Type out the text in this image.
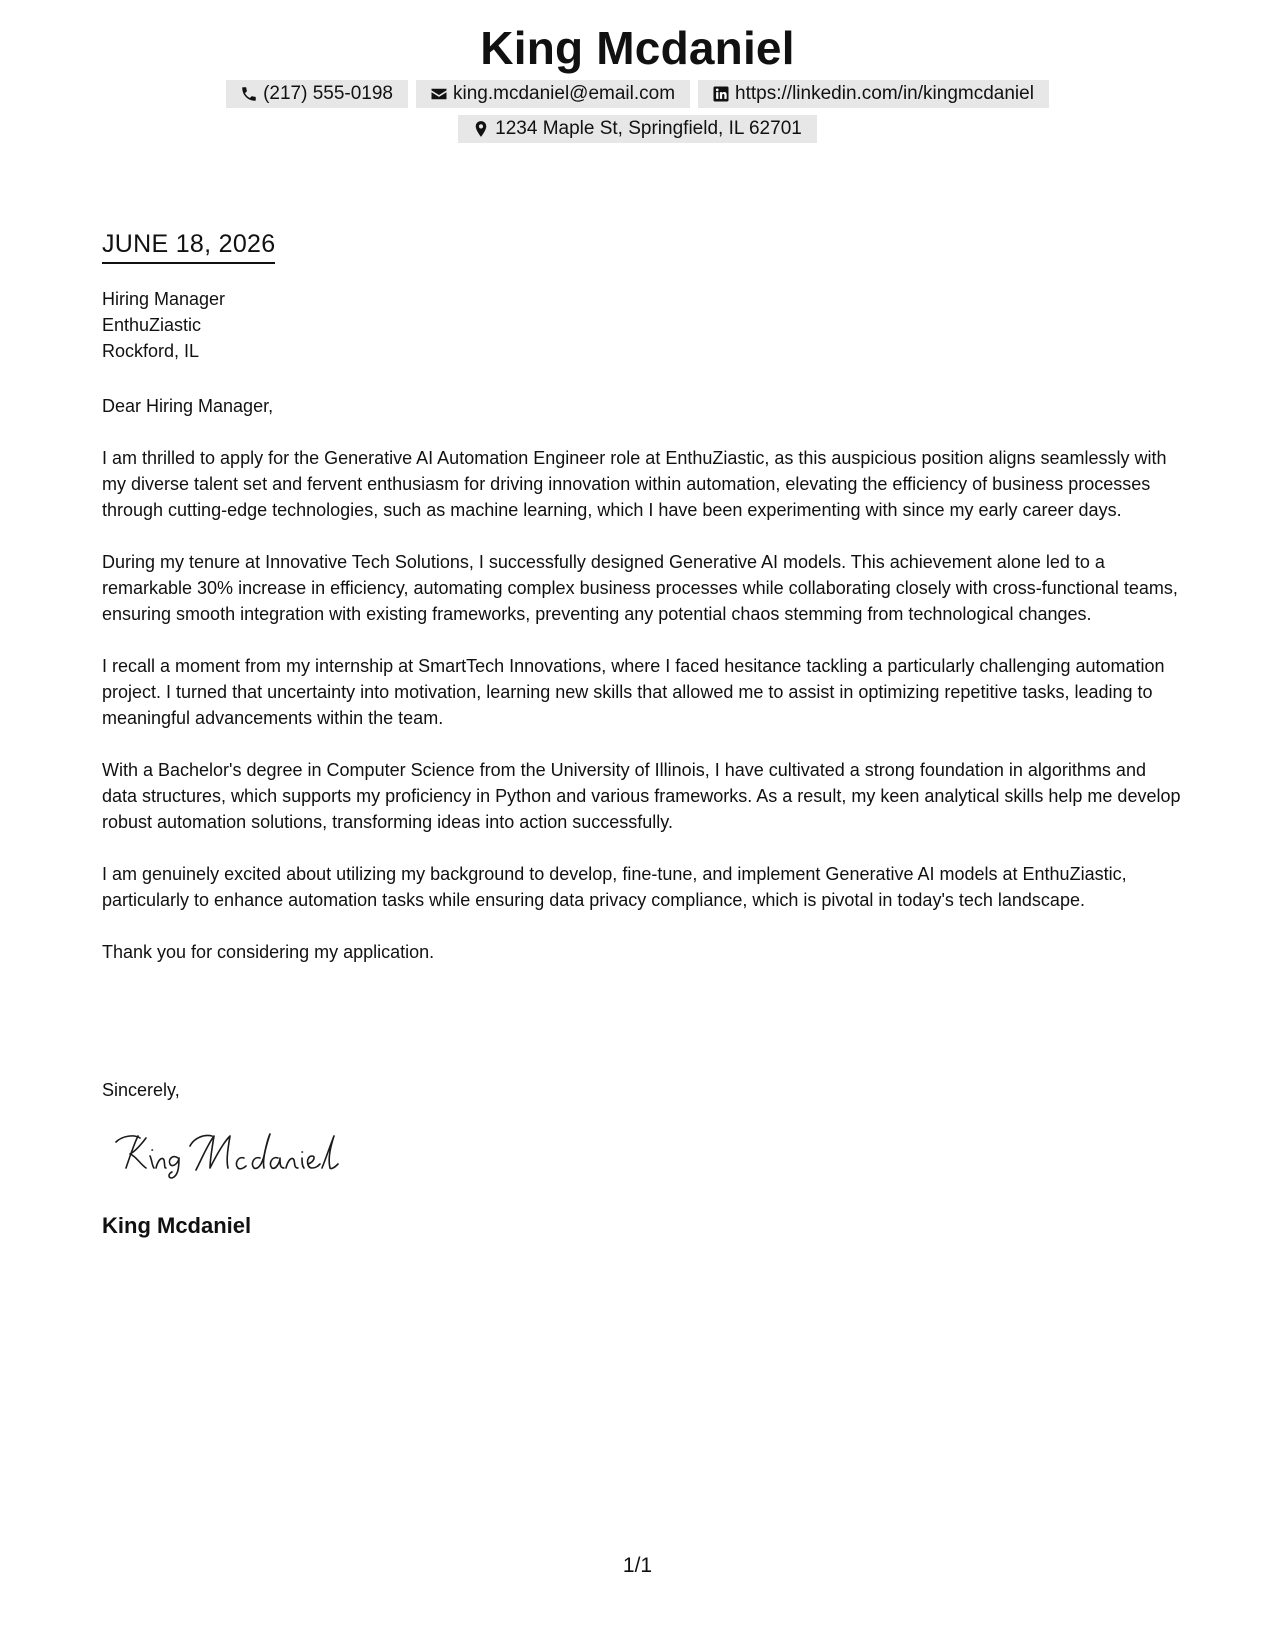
King Mcdaniel
(217) 555-0198	king.mcdaniel@email.com	https://linkedin.com/in/kingmcdaniel
1234 Maple St, Springfield, IL 62701
JUNE 18, 2026
Hiring Manager
EnthuZiastic
Rockford, IL

Dear Hiring Manager,

I am thrilled to apply for the Generative AI Automation Engineer role at EnthuZiastic, as this auspicious position aligns seamlessly with my diverse talent set and fervent enthusiasm for driving innovation within automation, elevating the efficiency of business processes through cutting-edge technologies, such as machine learning, which I have been experimenting with since my early career days.

During my tenure at Innovative Tech Solutions, I successfully designed Generative AI models. This achievement alone led to a remarkable 30% increase in efficiency, automating complex business processes while collaborating closely with cross-functional teams, ensuring smooth integration with existing frameworks, preventing any potential chaos stemming from technological changes.

I recall a moment from my internship at SmartTech Innovations, where I faced hesitance tackling a particularly challenging automation project. I turned that uncertainty into motivation, learning new skills that allowed me to assist in optimizing repetitive tasks, leading to meaningful advancements within the team.

With a Bachelor's degree in Computer Science from the University of Illinois, I have cultivated a strong foundation in algorithms and data structures, which supports my proficiency in Python and various frameworks. As a result, my keen analytical skills help me develop robust automation solutions, transforming ideas into action successfully.

I am genuinely excited about utilizing my background to develop, fine-tune, and implement Generative AI models at EnthuZiastic, particularly to enhance automation tasks while ensuring data privacy compliance, which is pivotal in today's tech landscape.

Thank you for considering my application.

Sincerely,
King Mcdaniel
1/1
